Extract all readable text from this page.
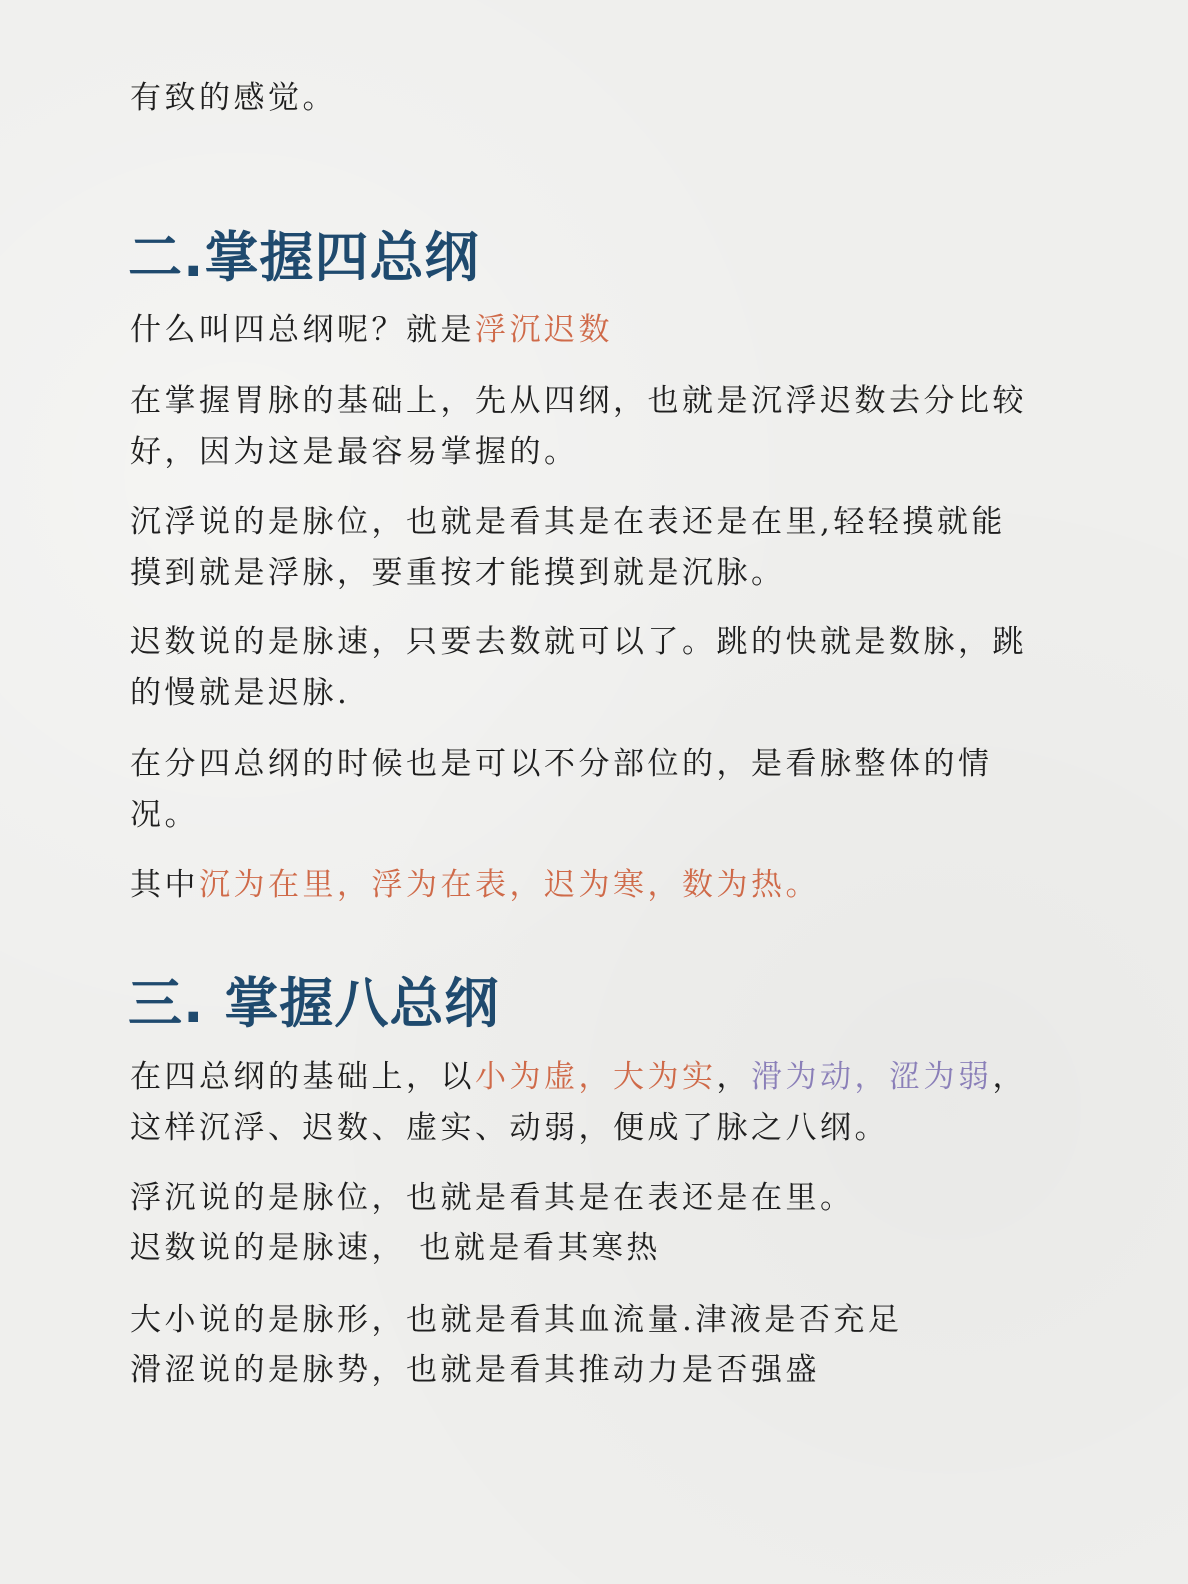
有致的感觉。

二.掌握四总纲

什么叫四总纲呢？就是浮沉迟数

在掌握胃脉的基础上，先从四纲，也就是沉浮迟数去分比较

好，因为这是最容易掌握的。

沉浮说的是脉位，也就是看其是在表还是在里,轻轻摸就能

摸到就是浮脉，要重按才能摸到就是沉脉。

迟数说的是脉速，只要去数就可以了。跳的快就是数脉，跳

的慢就是迟脉.

在分四总纲的时候也是可以不分部位的，是看脉整体的情

况。

其中沉为在里，浮为在表，迟为寒，数为热。

三. 掌握八总纲

在四总纲的基础上，以小为虚，大为实，滑为动，涩为弱，

这样沉浮、迟数、虚实、动弱，便成了脉之八纲。

浮沉说的是脉位，也就是看其是在表还是在里。

迟数说的是脉速， 也就是看其寒热

大小说的是脉形，也就是看其血流量.津液是否充足

滑涩说的是脉势，也就是看其推动力是否强盛
